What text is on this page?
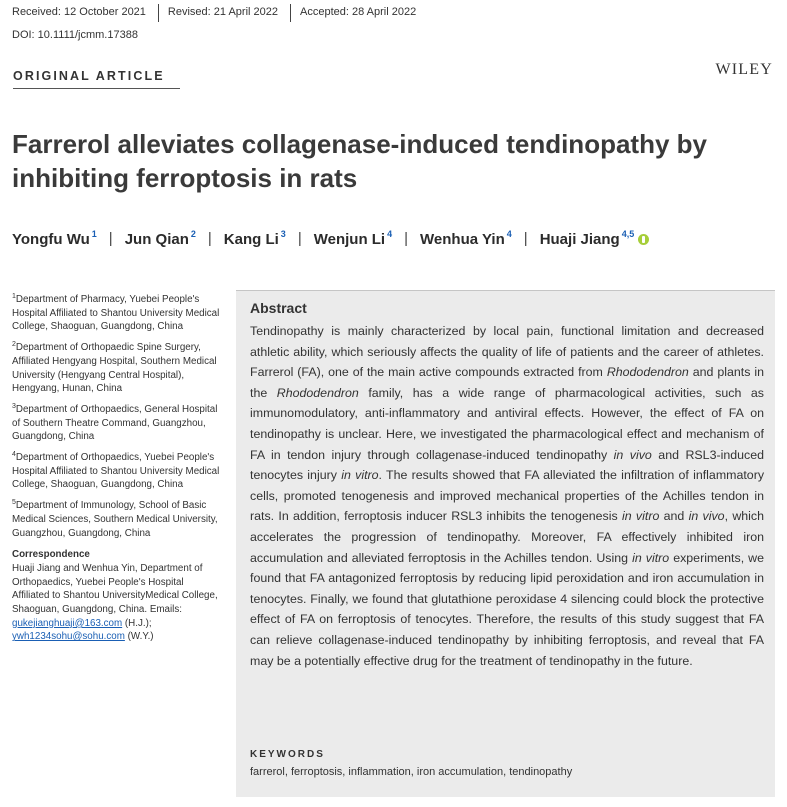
Received: 12 October 2021 Revised: 21 April 2022 Accepted: 28 April 2022
DOI: 10.1111/jcmm.17388
ORIGINAL ARTICLE	WILEY
Farrerol alleviates collagenase-induced tendinopathy by inhibiting ferroptosis in rats
Yongfu Wu $^1$ | Jun Qian $^2$ | Kang Li $^3$ | Wenjun Li $^4$ | Wenhua Yin $^4$ | Huaji Jiang $^{4,5}$
$^1$Department of Pharmacy, Yuebei People's Hospital Affiliated to Shantou University Medical College, Shaoguan, Guangdong, China
$^2$Department of Orthopaedic Spine Surgery, Affiliated Hengyang Hospital, Southern Medical University (Hengyang Central Hospital), Hengyang, Hunan, China
$^3$Department of Orthopaedics, General Hospital of Southern Theatre Command, Guangzhou, Guangdong, China
$^4$Department of Orthopaedics, Yuebei People's Hospital Affiliated to Shantou University Medical College, Shaoguan, Guangdong, China
$^5$Department of Immunology, School of Basic Medical Sciences, Southern Medical University, Guangzhou, Guangdong, China
Correspondence
Huaji Jiang and Wenhua Yin, Department of Orthopaedics, Yuebei People's Hospital Affiliated to Shantou UniversityMedical College, Shaoguan, Guangdong, China. Emails: gukejianghuaji@163.com (H.J.);
ywh1234sohu@sohu.com (W.Y.)
Abstract

Tendinopathy is mainly characterized by local pain, functional limitation and decreased athletic ability, which seriously affects the quality of life of patients and the career of athletes. Farrerol (FA), one of the main active compounds extracted from Rhododendron and plants in the Rhododendron family, has a wide range of pharmacological activities, such as immunomodulatory, anti-inflammatory and antiviral effects. However, the effect of FA on tendinopathy is unclear. Here, we investigated the pharmacological effect and mechanism of FA in tendon injury through collagenase-induced tendinopathy in vivo and RSL3-induced tenocytes injury in vitro. The results showed that FA alleviated the infiltration of inflammatory cells, promoted tenogenesis and improved mechanical properties of the Achilles tendon in rats. In addition, ferroptosis inducer RSL3 inhibits the tenogenesis in vitro and in vivo, which accelerates the progression of tendinopathy. Moreover, FA effectively inhibited iron accumulation and alleviated ferroptosis in the Achilles tendon. Using in vitro experiments, we found that FA antagonized ferroptosis by reducing lipid peroxidation and iron accumulation in tenocytes. Finally, we found that glutathione peroxidase 4 silencing could block the protective effect of FA on ferroptosis of tenocytes. Therefore, the results of this study suggest that FA can relieve collagenase-induced tendinopathy by inhibiting ferroptosis, and reveal that FA may be a potentially effective drug for the treatment of tendinopathy in the future.

KEYWORDS
farrerol, ferroptosis, inflammation, iron accumulation, tendinopathy
